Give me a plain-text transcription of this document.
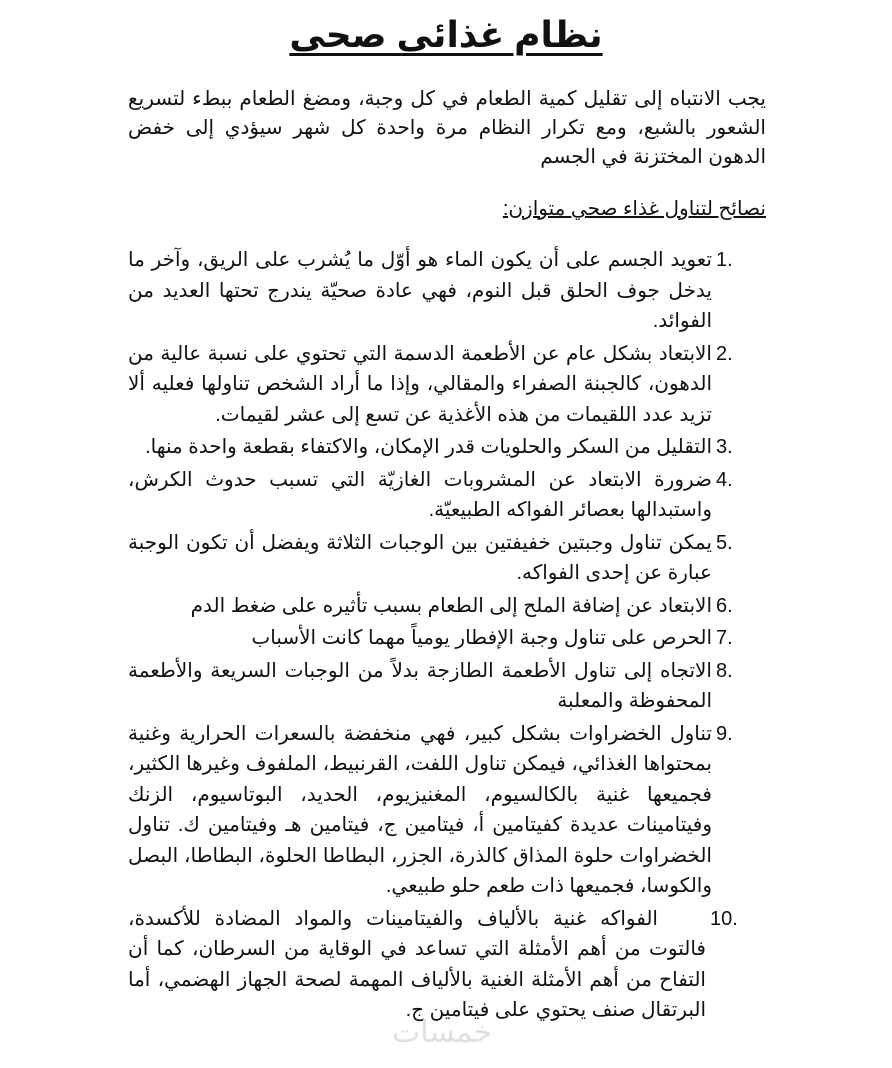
نظام غذائى صحى

يجب الانتباه إلى تقليل كمية الطعام في كل وجبة، ومضغ الطعام ببطء لتسريع الشعور بالشبع، ومع تكرار النظام مرة واحدة كل شهر سيؤدي إلى خفض الدهون المختزنة في الجسم

نصائح لتناول غذاء صحي متوازن:

1.
تعويد الجسم على أن يكون الماء هو أوّل ما يُشرب على الريق، وآخر ما يدخل جوف الحلق قبل النوم، فهي عادة صحيّة يندرج تحتها العديد من الفوائد.
2.
الابتعاد بشكل عام عن الأطعمة الدسمة التي تحتوي على نسبة عالية من الدهون، كالجبنة الصفراء والمقالي، وإذا ما أراد الشخص تناولها فعليه ألا تزيد عدد اللقيمات من هذه الأغذية عن تسع إلى عشر لقيمات.
3.
التقليل من السكر والحلويات قدر الإمكان، والاكتفاء بقطعة واحدة منها.
4.
ضرورة الابتعاد عن المشروبات الغازيّة التي تسبب حدوث الكرش، واستبدالها بعصائر الفواكه الطبيعيّة.
5.
يمكن تناول وجبتين خفيفتين بين الوجبات الثلاثة ويفضل أن تكون الوجبة عبارة عن إحدى الفواكه.
6.
الابتعاد عن إضافة الملح إلى الطعام بسبب تأثيره على ضغط الدم
7.
الحرص على تناول وجبة الإفطار يومياً مهما كانت الأسباب
8.
الاتجاه إلى تناول الأطعمة الطازجة بدلاً من الوجبات السريعة والأطعمة المحفوظة والمعلبة
9.
تناول الخضراوات بشكل كبير، فهي منخفضة بالسعرات الحرارية وغنية بمحتواها الغذائي، فيمكن تناول اللفت، القرنبيط، الملفوف وغيرها الكثير، فجميعها غنية بالكالسيوم، المغنيزيوم، الحديد، البوتاسيوم، الزنك وفيتامينات عديدة كفيتامين أ، فيتامين ج، فيتامين هـ وفيتامين ك. تناول الخضراوات حلوة المذاق كالذرة، الجزر، البطاطا الحلوة، البطاطا، البصل والكوسا، فجميعها ذات طعم حلو طبيعي.
10.
الفواكه غنية بالألياف والفيتامينات والمواد المضادة للأكسدة، فالتوت من أهم الأمثلة التي تساعد في الوقاية من السرطان، كما أن التفاح من أهم الأمثلة الغنية بالألياف المهمة لصحة الجهاز الهضمي، أما البرتقال صنف يحتوي على فيتامين ج.
خمسات
